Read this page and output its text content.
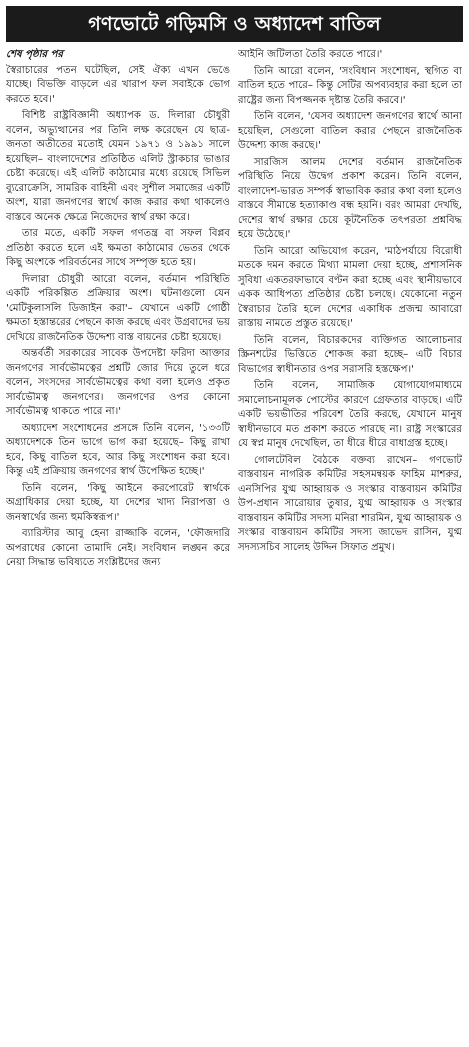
গণভোটে গড়িমসি ও অধ্যাদেশ বাতিল

শেষ পৃষ্ঠার পর

স্বৈরাচারের পতন ঘটেছিল, সেই ঐক্য এখন ভেঙে যাচ্ছে। বিভক্তি বাড়লে এর খারাপ ফল সবাইকে ভোগ করতে হবে।'

বিশিষ্ট রাষ্ট্রবিজ্ঞানী অধ্যাপক ড. দিলারা চৌধুরী বলেন, অভ্যুত্থানের পর তিনি লক্ষ করেছেন যে ছাত্র-জনতা অতীতের মতোই যেমন ১৯৭১ ও ১৯৯১ সালে হয়েছিল– বাংলাদেশের প্রতিষ্ঠিত এলিট স্ট্রাকচার ভাঙার চেষ্টা করেছে। এই এলিট কাঠামোর মধ্যে রয়েছে সিভিল ব্যুরোক্রেসি, সামরিক বাহিনী এবং সুশীল সমাজের একটি অংশ, যারা জনগণের স্বার্থে কাজ করার কথা থাকলেও বাস্তবে অনেক ক্ষেত্রে নিজেদের স্বার্থ রক্ষা করে।

তার মতে, একটি সফল গণতন্ত্র বা সফল বিপ্লব প্রতিষ্ঠা করতে হলে এই ক্ষমতা কাঠামোর ভেতর থেকে কিছু অংশকে পরিবর্তনের সাথে সম্পৃক্ত হতে হয়।

দিলারা চৌধুরী আরো বলেন, বর্তমান পরিস্থিতি একটি পরিকল্পিত প্রক্রিয়ার অংশ। ঘটনাগুলো যেন 'মেটিকুলাসলি ডিজাইন করা'– যেখানে একটি গোষ্ঠী ক্ষমতা হস্তান্তরের পেছনে কাজ করছে এবং উগ্রবাদের ভয় দেখিয়ে রাজনৈতিক উদ্দেশ্য বাস্ত বায়নের চেষ্টা হয়েছে।

অন্তর্বর্তী সরকারের সাবেক উপদেষ্টা ফরিদা আক্তার জনগণের সার্বভৌমত্বের প্রশ্নটি জোর দিয়ে তুলে ধরে বলেন, সংসদের সার্বভৌমত্বের কথা বলা হলেও প্রকৃত সার্বভৌমত্ব জনগণের। জনগণের ওপর কোনো সার্বভৌমত্ব থাকতে পারে না।'

অধ্যাদেশ সংশোধনের প্রসঙ্গে তিনি বলেন, '১৩৩টি অধ্যাদেশকে তিন ভাগে ভাগ করা হয়েছে– কিছু রাখা হবে, কিছু বাতিল হবে, আর কিছু সংশোধন করা হবে। কিন্তু এই প্রক্রিয়ায় জনগণের স্বার্থ উপেক্ষিত হচ্ছে।'

তিনি বলেন, 'কিছু আইনে করপোরেট স্বার্থকে অগ্রাধিকার দেয়া হচ্ছে, যা দেশের খাদ্য নিরাপত্তা ও জনস্বার্থের জন্য হুমকিস্বরূপ।'

ব্যারিস্টার আবু হেনা রাজ্জাকি বলেন, 'ফৌজদারি অপরাধের কোনো তামাদি নেই। সংবিধান লঙ্ঘন করে নেয়া সিদ্ধান্ত ভবিষ্যতে সংশ্লিষ্টদের জন্য

আইনি জটিলতা তৈরি করতে পারে।'

তিনি আরো বলেন, 'সংবিধান সংশোধন, স্থগিত বা বাতিল হতে পারে– কিন্তু সেটির অপব্যবহার করা হলে তা রাষ্ট্রের জন্য বিপজ্জনক দৃষ্টান্ত তৈরি করবে।'

তিনি বলেন, 'যেসব অধ্যাদেশ জনগণের স্বার্থে আনা হয়েছিল, সেগুলো বাতিল করার পেছনে রাজনৈতিক উদ্দেশ্য কাজ করছে।'

সারজিস আলম দেশের বর্তমান রাজনৈতিক পরিস্থিতি নিয়ে উদ্বেগ প্রকাশ করেন। তিনি বলেন, বাংলাদেশ-ভারত সম্পর্ক স্বাভাবিক করার কথা বলা হলেও বাস্তবে সীমান্তে হত্যাকাণ্ড বন্ধ হয়নি। বরং আমরা দেখছি, দেশের স্বার্থ রক্ষার চেয়ে কূটনৈতিক তৎপরতা প্রশ্নবিদ্ধ হয়ে উঠেছে।'

তিনি আরো অভিযোগ করেন, 'মাঠপর্যায়ে বিরোধী মতকে দমন করতে মিথ্যা মামলা দেয়া হচ্ছে, প্রশাসনিক সুবিধা একতরফাভাবে বণ্টন করা হচ্ছে এবং স্থানীয়ভাবে একক আধিপত্য প্রতিষ্ঠার চেষ্টা চলছে। যেকোনো নতুন স্বৈরাচার তৈরি হলে দেশের একাধিক প্রজন্ম আবারো রাস্তায় নামতে প্রস্তুত রয়েছে।'

তিনি বলেন, বিচারকদের ব্যক্তিগত আলোচনার স্ক্রিনশটের ভিত্তিতে শোকজ করা হচ্ছে– এটি বিচার বিভাগের স্বাধীনতার ওপর সরাসরি হস্তক্ষেপ।'

তিনি বলেন, সামাজিক যোগাযোগমাধ্যমে সমালোচনামূলক পোস্টের কারণে গ্রেফতার বাড়ছে। এটি একটি ভয়ভীতির পরিবেশ তৈরি করছে, যেখানে মানুষ স্বাধীনভাবে মত প্রকাশ করতে পারছে না। রাষ্ট্র সংস্কারের যে স্বপ্ন মানুষ দেখেছিল, তা ধীরে ধীরে বাধাগ্রস্ত হচ্ছে।

গোলটেবিল বৈঠকে বক্তব্য রাখেন– গণভোট বাস্তবায়ন নাগরিক কমিটির সহসমন্বয়ক ফাহিম মাশরুর, এনসিপির যুগ্ম আহ্বায়ক ও সংস্কার বাস্তবায়ন কমিটির উপ-প্রধান সারোয়ার তুষার, যুগ্ম আহ্বায়ক ও সংস্কার বাস্তবায়ন কমিটির সদস্য মনিরা শারমিন, যুগ্ম আহ্বায়ক ও সংস্কার বাস্তবায়ন কমিটির সদস্য জাভেদ রাসিন, যুগ্ম সদস্যসচিব সালেহ উদ্দিন সিফাত প্রমুখ।
